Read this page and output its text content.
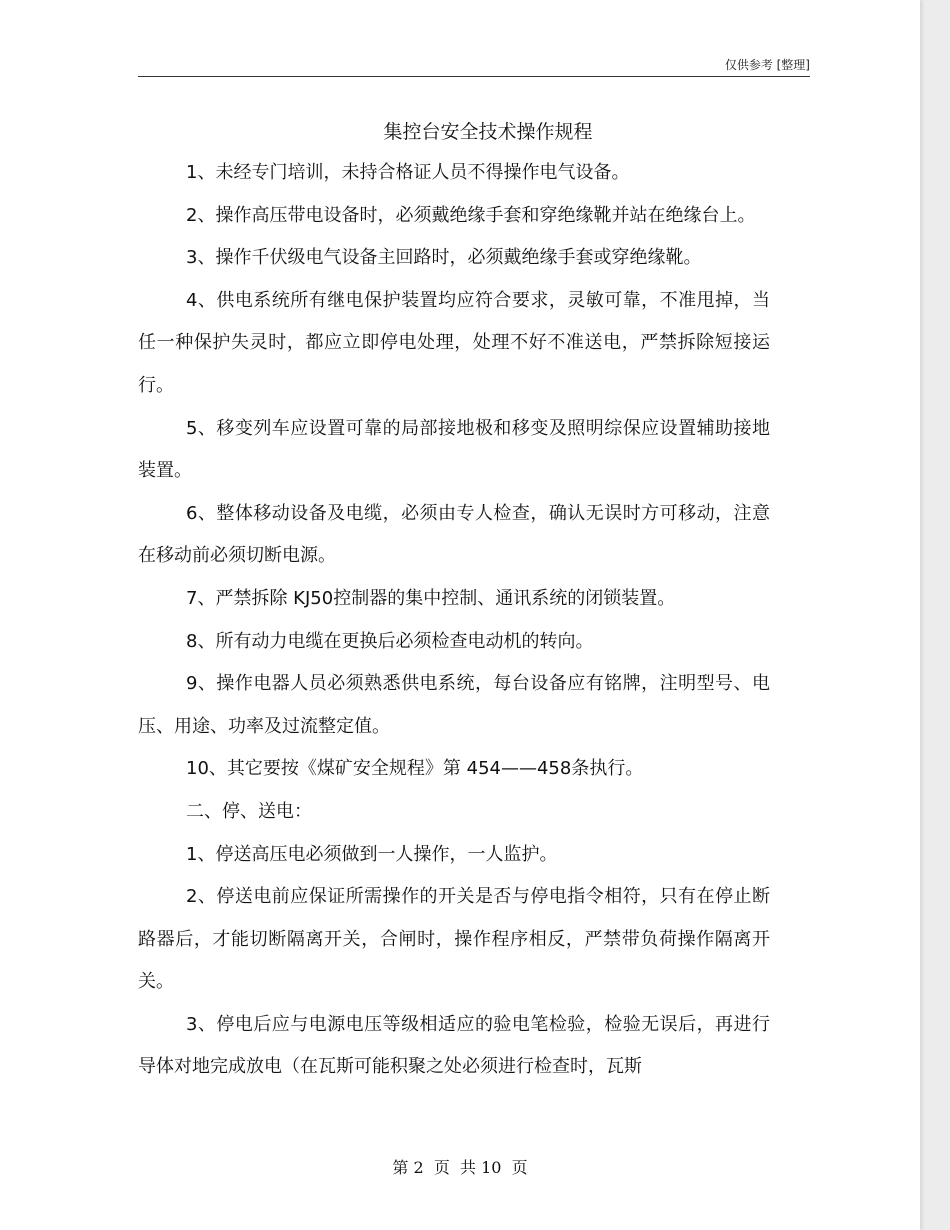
仅供参考 [整理]
集控台安全技术操作规程

1、未经专门培训，未持合格证人员不得操作电气设备。

2、操作高压带电设备时，必须戴绝缘手套和穿绝缘靴并站在绝缘台上。

3、操作千伏级电气设备主回路时，必须戴绝缘手套或穿绝缘靴。

4、供电系统所有继电保护装置均应符合要求，灵敏可靠，不准甩掉，当任一种保护失灵时，都应立即停电处理，处理不好不准送电，严禁拆除短接运行。

5、移变列车应设置可靠的局部接地极和移变及照明综保应设置辅助接地装置。

6、整体移动设备及电缆，必须由专人检查，确认无误时方可移动，注意在移动前必须切断电源。

7、严禁拆除 KJ50控制器的集中控制、通讯系统的闭锁装置。

8、所有动力电缆在更换后必须检查电动机的转向。

9、操作电器人员必须熟悉供电系统，每台设备应有铭牌，注明型号、电压、用途、功率及过流整定值。

10、其它要按《煤矿安全规程》第 454——458条执行。

二、停、送电：

1、停送高压电必须做到一人操作，一人监护。

2、停送电前应保证所需操作的开关是否与停电指令相符，只有在停止断路器后，才能切断隔离开关，合闸时，操作程序相反，严禁带负荷操作隔离开关。

3、停电后应与电源电压等级相适应的验电笔检验，检验无误后，再进行导体对地完成放电（在瓦斯可能积聚之处必须进行检查时，瓦斯

第 2  页  共 10  页
